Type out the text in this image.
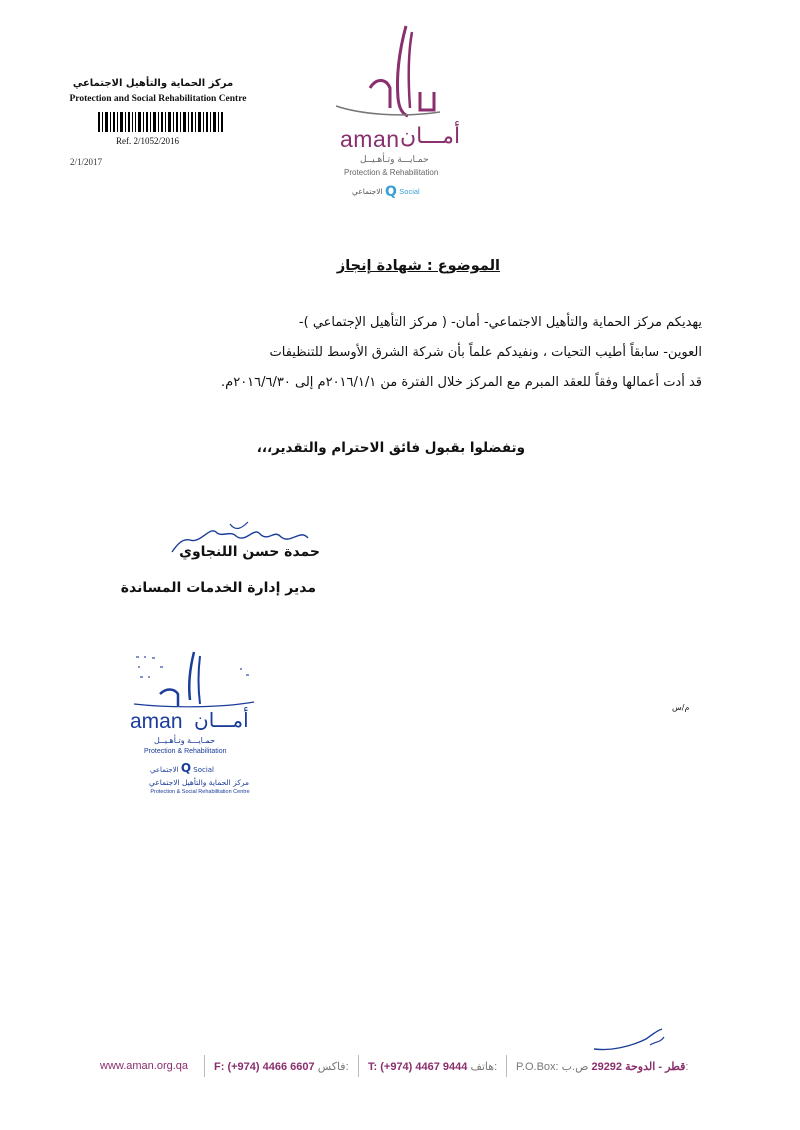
مركز الحماية والتأهيل الاجتماعي
Protection and Social Rehabilitation Centre
Ref. 2/1052/2016
2/1/2017
aman أمـــان
حمـايـــة وتـأهـيــل
Protection & Rehabilitation
الاجتماعي Q Social
الموضوع : شهادة إنجاز

يهديكم مركز الحماية والتأهيل الاجتماعي- أمان- ( مركز التأهيل الإجتماعي )-

العوين- سابقاً أطيب التحيات ، ونفيدكم علماً بأن شركة الشرق الأوسط للتنظيفات

قد أدت أعمالها وفقاً للعقد المبرم مع المركز خلال الفترة من ٢٠١٦/١/١م إلى ٢٠١٦/٦/٣٠م.

وتفضلوا بقبول فائق الاحترام والتقدير،،،
حمدة حسن اللنجاوي
مدير إدارة الخدمات المساندة
aman أمـــان
حمـايـــة وتـأهـيــل
Protection & Rehabilitation
الاجتماعي Q Social
مركز الحماية والتأهيل الاجتماعي
Protection & Social Rehabilitation Centre
م/س
www.aman.org.qa F: (+974) 4466 6607 فاكس: T: (+974) 4467 9444 هاتف: P.O.Box:	قطر - الدوحة 29292 ص.ب:
